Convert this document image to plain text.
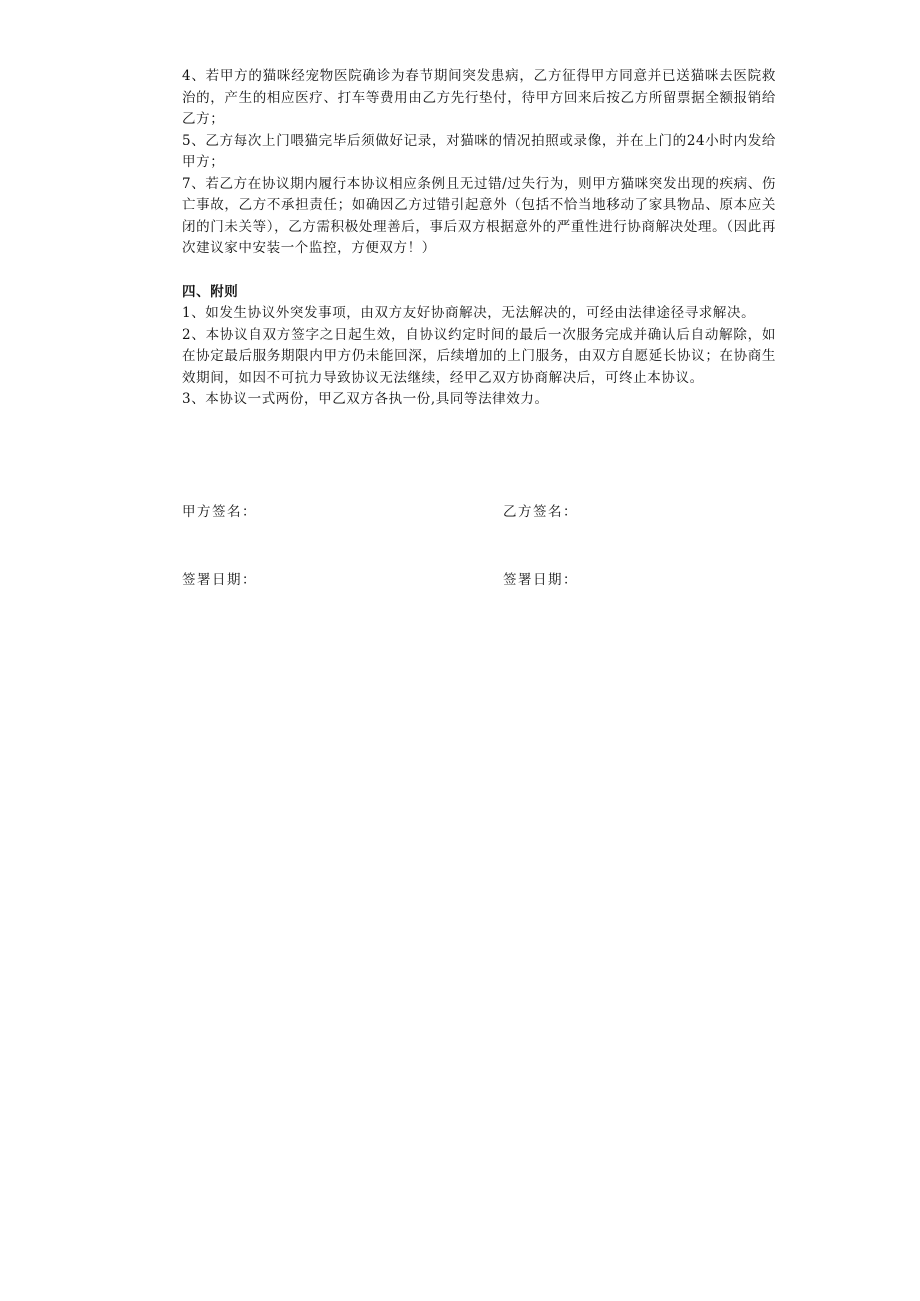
4、若甲方的猫咪经宠物医院确诊为春节期间突发患病，乙方征得甲方同意并已送猫咪去医院救治的，产生的相应医疗、打车等费用由乙方先行垫付，待甲方回来后按乙方所留票据全额报销给乙方；

5、乙方每次上门喂猫完毕后须做好记录，对猫咪的情况拍照或录像，并在上门的24小时内发给甲方；

7、若乙方在协议期内履行本协议相应条例且无过错/过失行为，则甲方猫咪突发出现的疾病、伤亡事故，乙方不承担责任；如确因乙方过错引起意外（包括不恰当地移动了家具物品、原本应关闭的门未关等），乙方需积极处理善后，事后双方根据意外的严重性进行协商解决处理。（因此再次建议家中安装一个监控，方便双方！）

四、附则

1、如发生协议外突发事项，由双方友好协商解决，无法解决的，可经由法律途径寻求解决。

2、本协议自双方签字之日起生效，自协议约定时间的最后一次服务完成并确认后自动解除，如在协定最后服务期限内甲方仍未能回深，后续增加的上门服务，由双方自愿延长协议；在协商生效期间，如因不可抗力导致协议无法继续，经甲乙双方协商解决后，可终止本协议。

3、本协议一式两份，甲乙双方各执一份,具同等法律效力。

甲方签名：	乙方签名：
签署日期：	签署日期：
